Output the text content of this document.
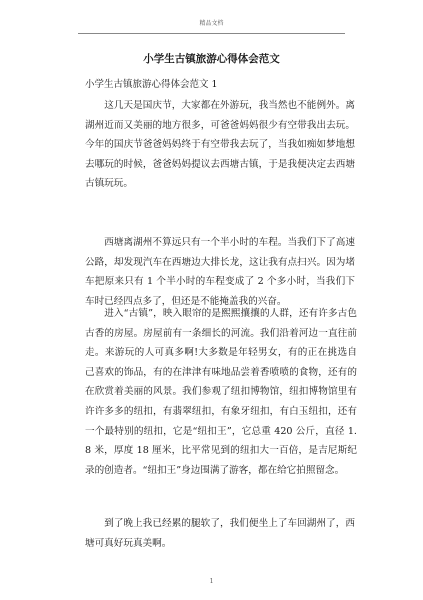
精品文档
小学生古镇旅游心得体会范文
小学生古镇旅游心得体会范文 1

这几天是国庆节，大家都在外游玩，我当然也不能例外。离湖州近而又美丽的地方很多，可爸爸妈妈很少有空带我出去玩。今年的国庆节爸爸妈妈终于有空带我去玩了，当我如痴如梦地想去哪玩的时候，爸爸妈妈提议去西塘古镇，于是我便决定去西塘古镇玩玩。

西塘离湖州不算远只有一个半小时的车程。当我们下了高速公路，却发现汽车在西塘边大排长龙，这让我有点扫兴。因为堵车把原来只有 1 个半小时的车程变成了 2 个多小时，当我们下车时已经四点多了，但还是不能掩盖我的兴奋。

进入“古镇”，映入眼帘的是熙熙攘攘的人群，还有许多古色古香的房屋。房屋前有一条细长的河流。我们沿着河边一直往前走。来游玩的人可真多啊!大多数是年轻男女，有的正在挑选自己喜欢的饰品，有的在津津有味地品尝着香喷喷的食物，还有的在欣赏着美丽的风景。我们参观了纽扣博物馆，纽扣博物馆里有许许多多的纽扣，有翡翠纽扣，有象牙纽扣，有白玉纽扣，还有一个最特别的纽扣，它是“纽扣王”，它总重 420 公斤，直径 1.8 米，厚度 18 厘米，比平常见到的纽扣大一百倍，是吉尼斯纪录的创造者。“纽扣王”身边围满了游客，都在给它拍照留念。

到了晚上我已经累的腿软了，我们便坐上了车回湖州了，西塘可真好玩真美啊。

1
